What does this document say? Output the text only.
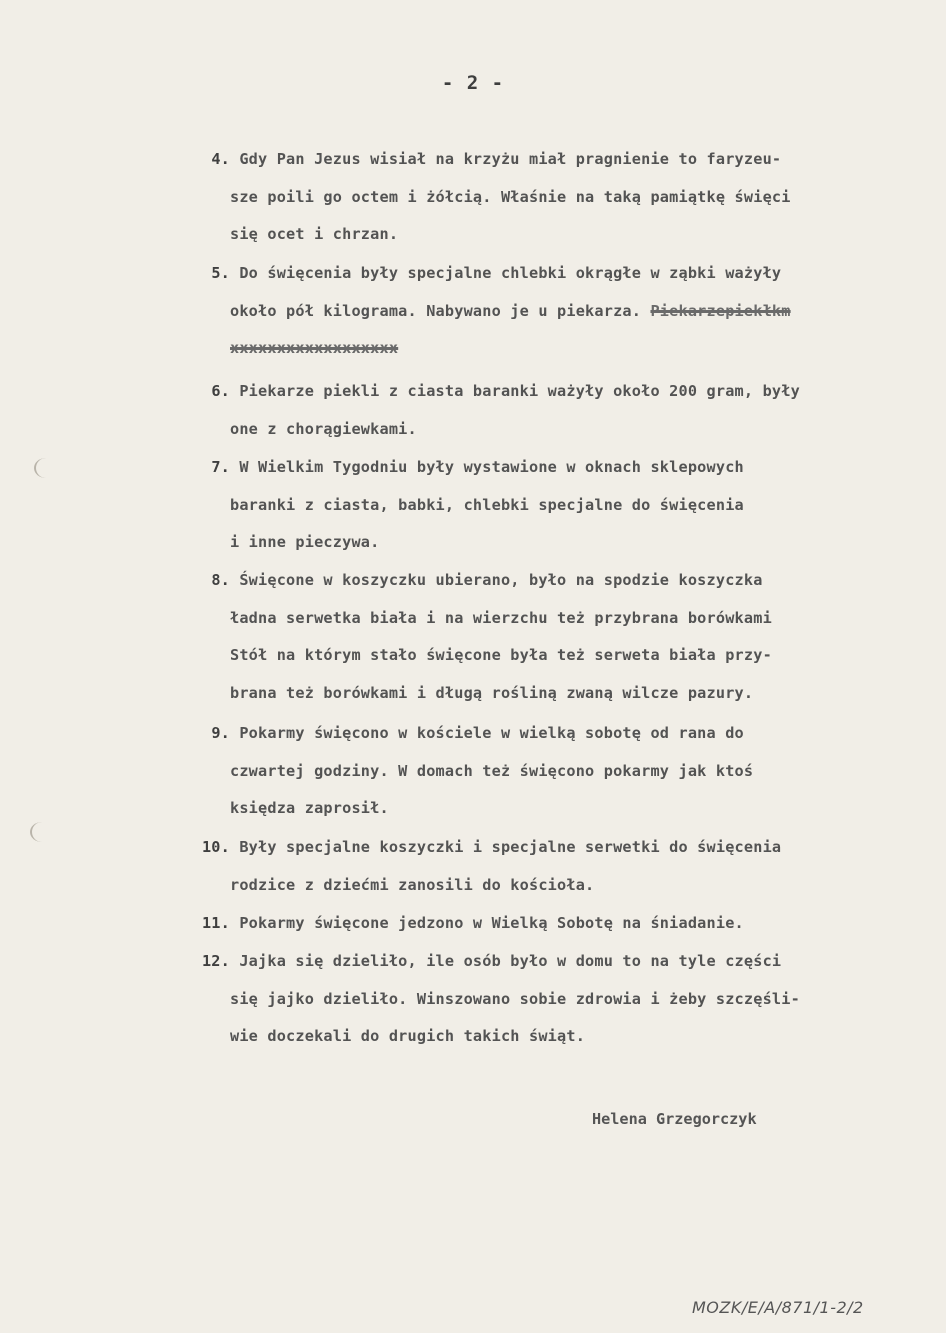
- 2 -
4. Gdy Pan Jezus wisiał na krzyżu miał pragnienie to faryzeu-
sze poili go octem i żółcią. Właśnie na taką pamiątkę święci
się ocet i chrzan.
5. Do święcenia były specjalne chlebki okrągłe w ząbki ważyły
około pół kilograma. Nabywano je u piekarza. Piekarzepiekłkm
xxxxxxxxxxxxxxxxxx
6. Piekarze piekli z ciasta baranki ważyły około 200 gram, były
one z chorągiewkami.
7. W Wielkim Tygodniu były wystawione w oknach sklepowych
baranki z ciasta, babki, chlebki specjalne do święcenia
i inne pieczywa.
8. Święcone w koszyczku ubierano, było na spodzie koszyczka
ładna serwetka biała i na wierzchu też przybrana borówkami
Stół na którym stało święcone była też serweta biała przy-
brana też borówkami i długą rośliną zwaną wilcze pazury.
9. Pokarmy święcono w kościele w wielką sobotę od rana do
czwartej godziny. W domach też święcono pokarmy jak ktoś
księdza zaprosił.
10. Były specjalne koszyczki i specjalne serwetki do święcenia
rodzice z dziećmi zanosili do kościoła.
11. Pokarmy święcone jedzono w Wielką Sobotę na śniadanie.
12. Jajka się dzieliło, ile osób było w domu to na tyle części
się jajko dzieliło. Winszowano sobie zdrowia i żeby szczęśli-
wie doczekali do drugich takich świąt.
Helena Grzegorczyk
MOZK/E/A/871/1-2/2
